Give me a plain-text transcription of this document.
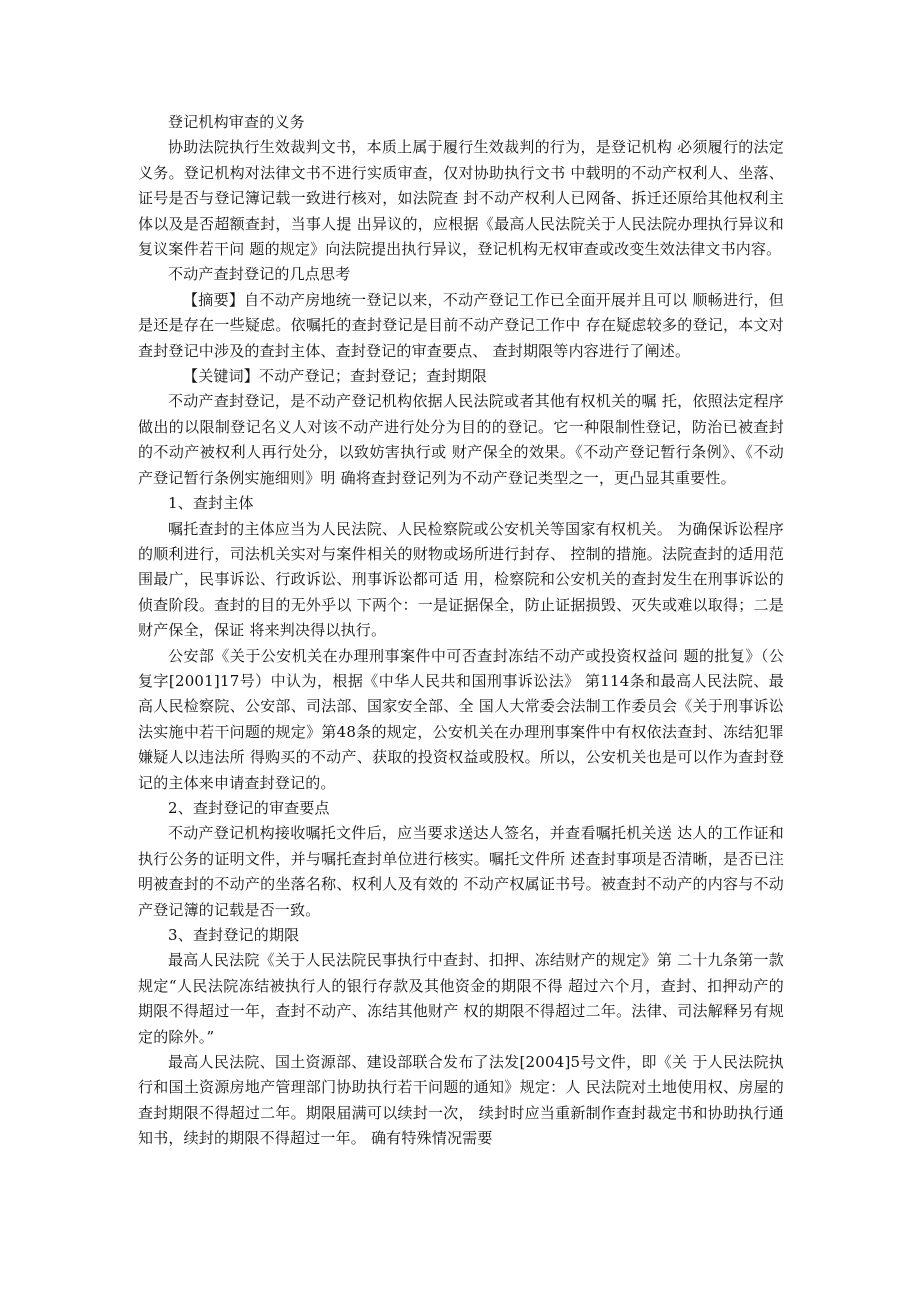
登记机构审查的义务

协助法院执行生效裁判文书，本质上属于履行生效裁判的行为，是登记机构 必须履行的法定义务。登记机构对法律文书不进行实质审查，仅对协助执行文书 中载明的不动产权利人、坐落、证号是否与登记簿记载一致进行核对，如法院查 封不动产权利人已网备、拆迁还原给其他权利主体以及是否超额查封，当事人提 出异议的，应根据《最高人民法院关于人民法院办理执行异议和复议案件若干问 题的规定》向法院提出执行异议，登记机构无权审查或改变生效法律文书内容。

不动产查封登记的几点思考

【摘要】自不动产房地统一登记以来，不动产登记工作已全面开展并且可以 顺畅进行，但是还是存在一些疑虑。依嘱托的查封登记是目前不动产登记工作中 存在疑虑较多的登记，本文对查封登记中涉及的查封主体、查封登记的审查要点、 查封期限等内容进行了阐述。

【关键词】不动产登记；查封登记；查封期限

不动产查封登记，是不动产登记机构依据人民法院或者其他有权机关的嘱 托，依照法定程序做出的以限制登记名义人对该不动产进行处分为目的的登记。它一种限制性登记，防治已被查封的不动产被权利人再行处分，以致妨害执行或 财产保全的效果。《不动产登记暂行条例》、《不动产登记暂行条例实施细则》明 确将查封登记列为不动产登记类型之一，更凸显其重要性。

1、查封主体

嘱托查封的主体应当为人民法院、人民检察院或公安机关等国家有权机关。 为确保诉讼程序的顺利进行，司法机关实对与案件相关的财物或场所进行封存、 控制的措施。法院查封的适用范围最广，民事诉讼、行政诉讼、刑事诉讼都可适 用，检察院和公安机关的查封发生在刑事诉讼的侦查阶段。查封的目的无外乎以 下两个：一是证据保全，防止证据损毁、灭失或难以取得；二是财产保全，保证 将来判决得以执行。

公安部《关于公安机关在办理刑事案件中可否查封冻结不动产或投资权益问 题的批复》（公复字[2001]17号）中认为，根据《中华人民共和国刑事诉讼法》 第114条和最高人民法院、最高人民检察院、公安部、司法部、国家安全部、全 国人大常委会法制工作委员会《关于刑事诉讼法实施中若干问题的规定》第48条的规定，公安机关在办理刑事案件中有权依法查封、冻结犯罪嫌疑人以违法所 得购买的不动产、获取的投资权益或股权。所以，公安机关也是可以作为查封登 记的主体来申请查封登记的。

2、查封登记的审查要点

不动产登记机构接收嘱托文件后，应当要求送达人签名，并查看嘱托机关送 达人的工作证和执行公务的证明文件，并与嘱托查封单位进行核实。嘱托文件所 述查封事项是否清晰，是否已注明被查封的不动产的坐落名称、权利人及有效的 不动产权属证书号。被查封不动产的内容与不动产登记簿的记载是否一致。

3、查封登记的期限

最高人民法院《关于人民法院民事执行中查封、扣押、冻结财产的规定》第 二十九条第一款规定“人民法院冻结被执行人的银行存款及其他资金的期限不得 超过六个月，查封、扣押动产的期限不得超过一年，查封不动产、冻结其他财产 权的期限不得超过二年。法律、司法解释另有规定的除外。”

最高人民法院、国土资源部、建设部联合发布了法发[2004]5号文件，即《关 于人民法院执行和国土资源房地产管理部门协助执行若干问题的通知》规定：人 民法院对土地使用权、房屋的查封期限不得超过二年。期限届满可以续封一次， 续封时应当重新制作查封裁定书和协助执行通知书，续封的期限不得超过一年。 确有特殊情况需要
